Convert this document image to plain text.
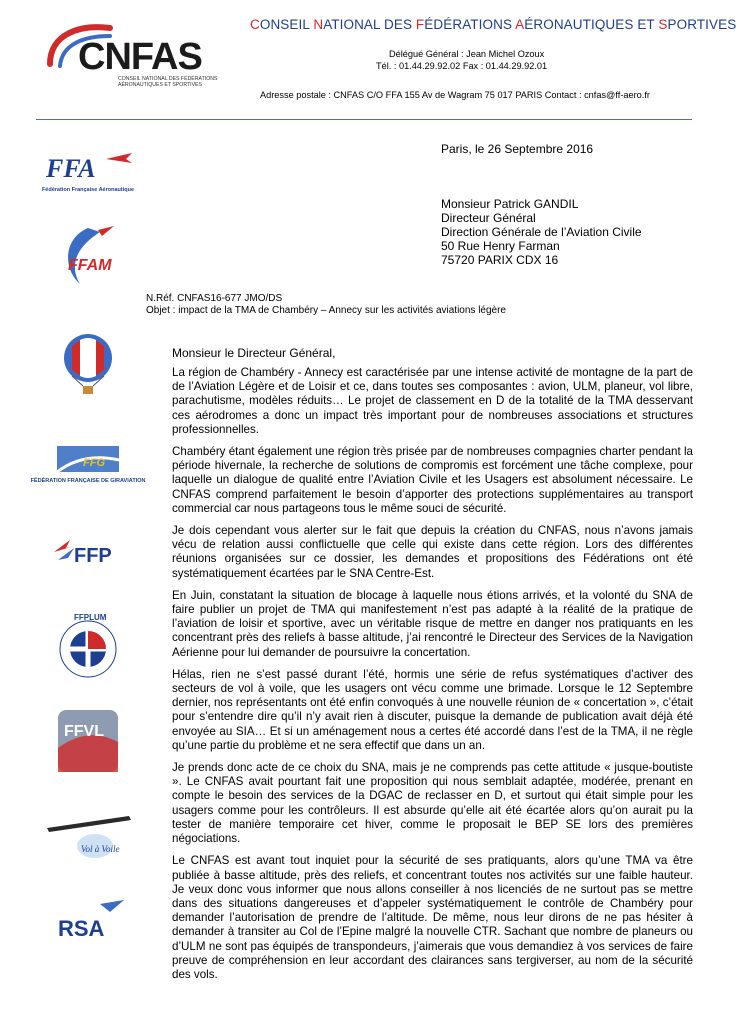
CNFAS
CONSEIL NATIONAL DES FÉDÉRATIONS AÉRONAUTIQUES ET SPORTIVES
CONSEIL NATIONAL DES FÉDÉRATIONS AÉRONAUTIQUES ET SPORTIVES
Délégué Général : Jean Michel Ozoux
Tél. : 01.44.29.92.02 Fax : 01.44.29.92.01
Adresse postale : CNFAS C/O FFA 155 Av de Wagram 75 017 PARIS Contact : cnfas@ff-aero.fr
FFA
Fédération Française Aéronautique
FFAM
FFG
FÉDÉRATION FRANÇAISE DE GIRAVIATION
FFP
FFPLUM
FFVL
Vol à Voile
RSA
Paris, le 26 Septembre 2016
Monsieur Patrick GANDIL
Directeur Général
Direction Générale de l’Aviation Civile
50 Rue Henry Farman
75720 PARIX CDX 16
N.Réf. CNFAS16-677 JMO/DS
Objet : impact de la TMA de Chambéry – Annecy sur les activités aviations légère
Monsieur le Directeur Général,

La région de Chambéry - Annecy est caractérisée par une intense activité de montagne de la part de de l’Aviation Légère et de Loisir et ce, dans toutes ses composantes : avion, ULM, planeur, vol libre, parachutisme, modèles réduits… Le projet de classement en D de la totalité de la TMA desservant ces aérodromes a donc un impact très important pour de nombreuses associations et structures professionnelles.

Chambéry étant également une région très prisée par de nombreuses compagnies charter pendant la période hivernale, la recherche de solutions de compromis est forcément une tâche complexe, pour laquelle un dialogue de qualité entre l’Aviation Civile et les Usagers est absolument nécessaire. Le CNFAS comprend parfaitement le besoin d’apporter des protections supplémentaires au transport commercial car nous partageons tous le même souci de sécurité.

Je dois cependant vous alerter sur le fait que depuis la création du CNFAS, nous n’avons jamais vécu de relation aussi conflictuelle que celle qui existe dans cette région. Lors des différentes réunions organisées sur ce dossier, les demandes et propositions des Fédérations ont été systématiquement écartées par le SNA Centre-Est.

En Juin, constatant la situation de blocage à laquelle nous étions arrivés, et la volonté du SNA de faire publier un projet de TMA qui manifestement n’est pas adapté à la réalité de la pratique de l’aviation de loisir et sportive, avec un véritable risque de mettre en danger nos pratiquants en les concentrant près des reliefs à basse altitude, j’ai rencontré le Directeur des Services de la Navigation Aérienne pour lui demander de poursuivre la concertation.

Hélas, rien ne s’est passé durant l’été, hormis une série de refus systématiques d’activer des secteurs de vol à voile, que les usagers ont vécu comme une brimade. Lorsque le 12 Septembre dernier, nos représentants ont été enfin convoqués à une nouvelle réunion de « concertation », c’était pour s’entendre dire qu’il n’y avait rien à discuter, puisque la demande de publication avait déjà été envoyée au SIA… Et si un aménagement nous a certes été accordé dans l’est de la TMA, il ne règle qu’une partie du problème et ne sera effectif que dans un an.

Je prends donc acte de ce choix du SNA, mais je ne comprends pas cette attitude « jusque-boutiste ». Le CNFAS avait pourtant fait une proposition qui nous semblait adaptée, modérée, prenant en compte le besoin des services de la DGAC de reclasser en D, et surtout qui était simple pour les usagers comme pour les contrôleurs. Il est absurde qu’elle ait été écartée alors qu’on aurait pu la tester de manière temporaire cet hiver, comme le proposait le BEP SE lors des premières négociations.

Le CNFAS est avant tout inquiet pour la sécurité de ses pratiquants, alors qu’une TMA va être publiée à basse altitude, près des reliefs, et concentrant toutes nos activités sur une faible hauteur. Je veux donc vous informer que nous allons conseiller à nos licenciés de ne surtout pas se mettre dans des situations dangereuses et d’appeler systématiquement le contrôle de Chambéry pour demander l’autorisation de prendre de l’altitude. De même, nous leur dirons de ne pas hésiter à demander à transiter au Col de l’Epine malgré la nouvelle CTR. Sachant que nombre de planeurs ou d’ULM ne sont pas équipés de transpondeurs, j’aimerais que vous demandiez à vos services de faire preuve de compréhension en leur accordant des clairances sans tergiverser, au nom de la sécurité des vols.
